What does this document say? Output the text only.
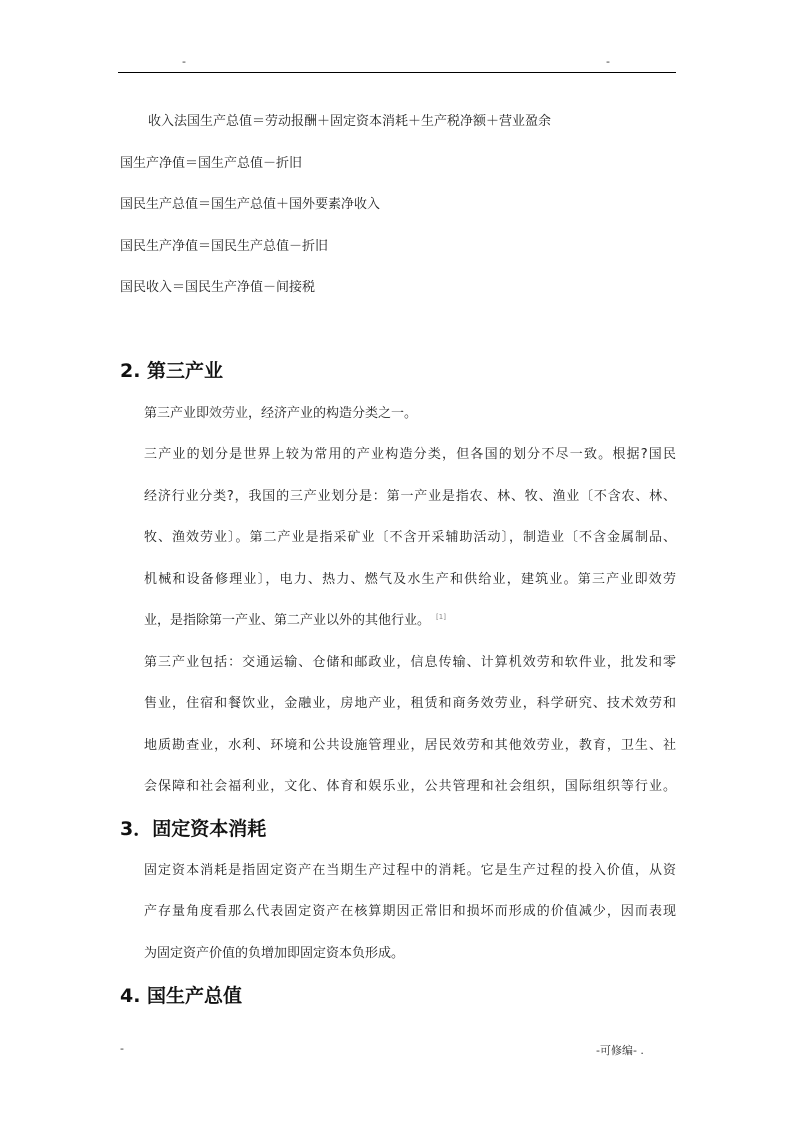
-	-
收入法国生产总值＝劳动报酬＋固定资本消耗＋生产税净额＋营业盈余
国生产净值＝国生产总值－折旧
国民生产总值＝国生产总值＋国外要素净收入
国民生产净值＝国民生产总值－折旧
国民收入＝国民生产净值－间接税
2. 第三产业
第三产业即效劳业，经济产业的构造分类之一。
三产业的划分是世界上较为常用的产业构造分类，但各国的划分不尽一致。根据?国民
经济行业分类?，我国的三产业划分是：第一产业是指农、林、牧、渔业〔不含农、林、
牧、渔效劳业〕。第二产业是指采矿业〔不含开采辅助活动〕，制造业〔不含金属制品、
机械和设备修理业〕，电力、热力、燃气及水生产和供给业，建筑业。第三产业即效劳
业，是指除第一产业、第二产业以外的其他行业。 [1]
第三产业包括：交通运输、仓储和邮政业，信息传输、计算机效劳和软件业，批发和零
售业，住宿和餐饮业，金融业，房地产业，租赁和商务效劳业，科学研究、技术效劳和
地质勘查业，水利、环境和公共设施管理业，居民效劳和其他效劳业，教育，卫生、社
会保障和社会福利业，文化、体育和娱乐业，公共管理和社会组织，国际组织等行业。
3．固定资本消耗
固定资本消耗是指固定资产在当期生产过程中的消耗。它是生产过程的投入价值，从资
产存量角度看那么代表固定资产在核算期因正常旧和损坏而形成的价值减少，因而表现
为固定资产价值的负增加即固定资本负形成。
4. 国生产总值
-	-可修编- .
